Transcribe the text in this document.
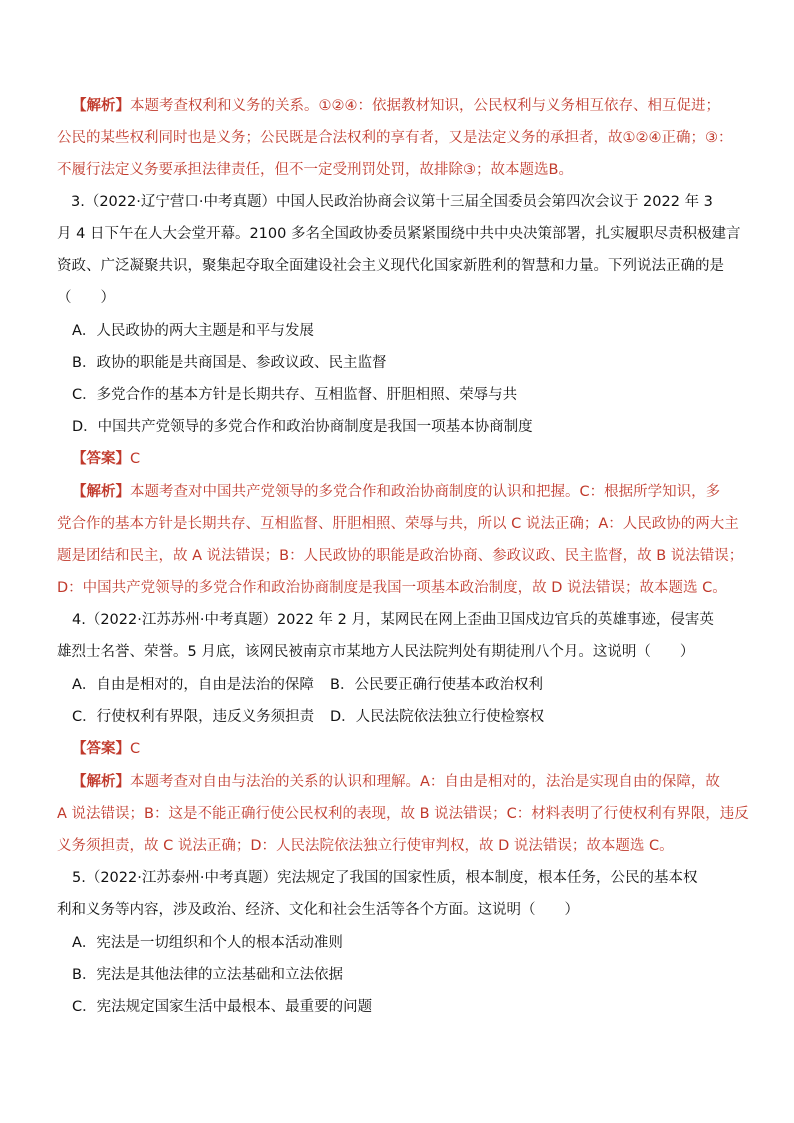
【解析】本题考查权利和义务的关系。①②④：依据教材知识，公民权利与义务相互依存、相互促进；
公民的某些权利同时也是义务；公民既是合法权利的享有者，又是法定义务的承担者，故①②④正确；③：
不履行法定义务要承担法律责任，但不一定受刑罚处罚，故排除③；故本题选B。
3.（2022·辽宁营口·中考真题）中国人民政治协商会议第十三届全国委员会第四次会议于 2022 年 3
月 4 日下午在人大会堂开幕。2100 多名全国政协委员紧紧围绕中共中央决策部署，扎实履职尽责积极建言
资政、广泛凝聚共识，聚集起夺取全面建设社会主义现代化国家新胜利的智慧和力量。下列说法正确的是
（　　）
A．人民政协的两大主题是和平与发展
B．政协的职能是共商国是、参政议政、民主监督
C．多党合作的基本方针是长期共存、互相监督、肝胆相照、荣辱与共
D．中国共产党领导的多党合作和政治协商制度是我国一项基本协商制度
【答案】C
【解析】本题考查对中国共产党领导的多党合作和政治协商制度的认识和把握。C：根据所学知识，多
党合作的基本方针是长期共存、互相监督、肝胆相照、荣辱与共，所以 C 说法正确；A：人民政协的两大主
题是团结和民主，故 A 说法错误；B：人民政协的职能是政治协商、参政议政、民主监督，故 B 说法错误；
D：中国共产党领导的多党合作和政治协商制度是我国一项基本政治制度，故 D 说法错误；故本题选 C。
4.（2022·江苏苏州·中考真题）2022 年 2 月，某网民在网上歪曲卫国戍边官兵的英雄事迹，侵害英
雄烈士名誉、荣誉。5 月底，该网民被南京市某地方人民法院判处有期徒刑八个月。这说明（　　）
A．自由是相对的，自由是法治的保障 B．公民要正确行使基本政治权利
C．行使权利有界限，违反义务须担责 D．人民法院依法独立行使检察权
【答案】C
【解析】本题考查对自由与法治的关系的认识和理解。A：自由是相对的，法治是实现自由的保障，故
A 说法错误；B：这是不能正确行使公民权利的表现，故 B 说法错误；C：材料表明了行使权利有界限，违反
义务须担责，故 C 说法正确；D：人民法院依法独立行使审判权，故 D 说法错误；故本题选 C。
5.（2022·江苏泰州·中考真题）宪法规定了我国的国家性质，根本制度，根本任务，公民的基本权
利和义务等内容，涉及政治、经济、文化和社会生活等各个方面。这说明（　　）
A．宪法是一切组织和个人的根本活动准则
B．宪法是其他法律的立法基础和立法依据
C．宪法规定国家生活中最根本、最重要的问题
